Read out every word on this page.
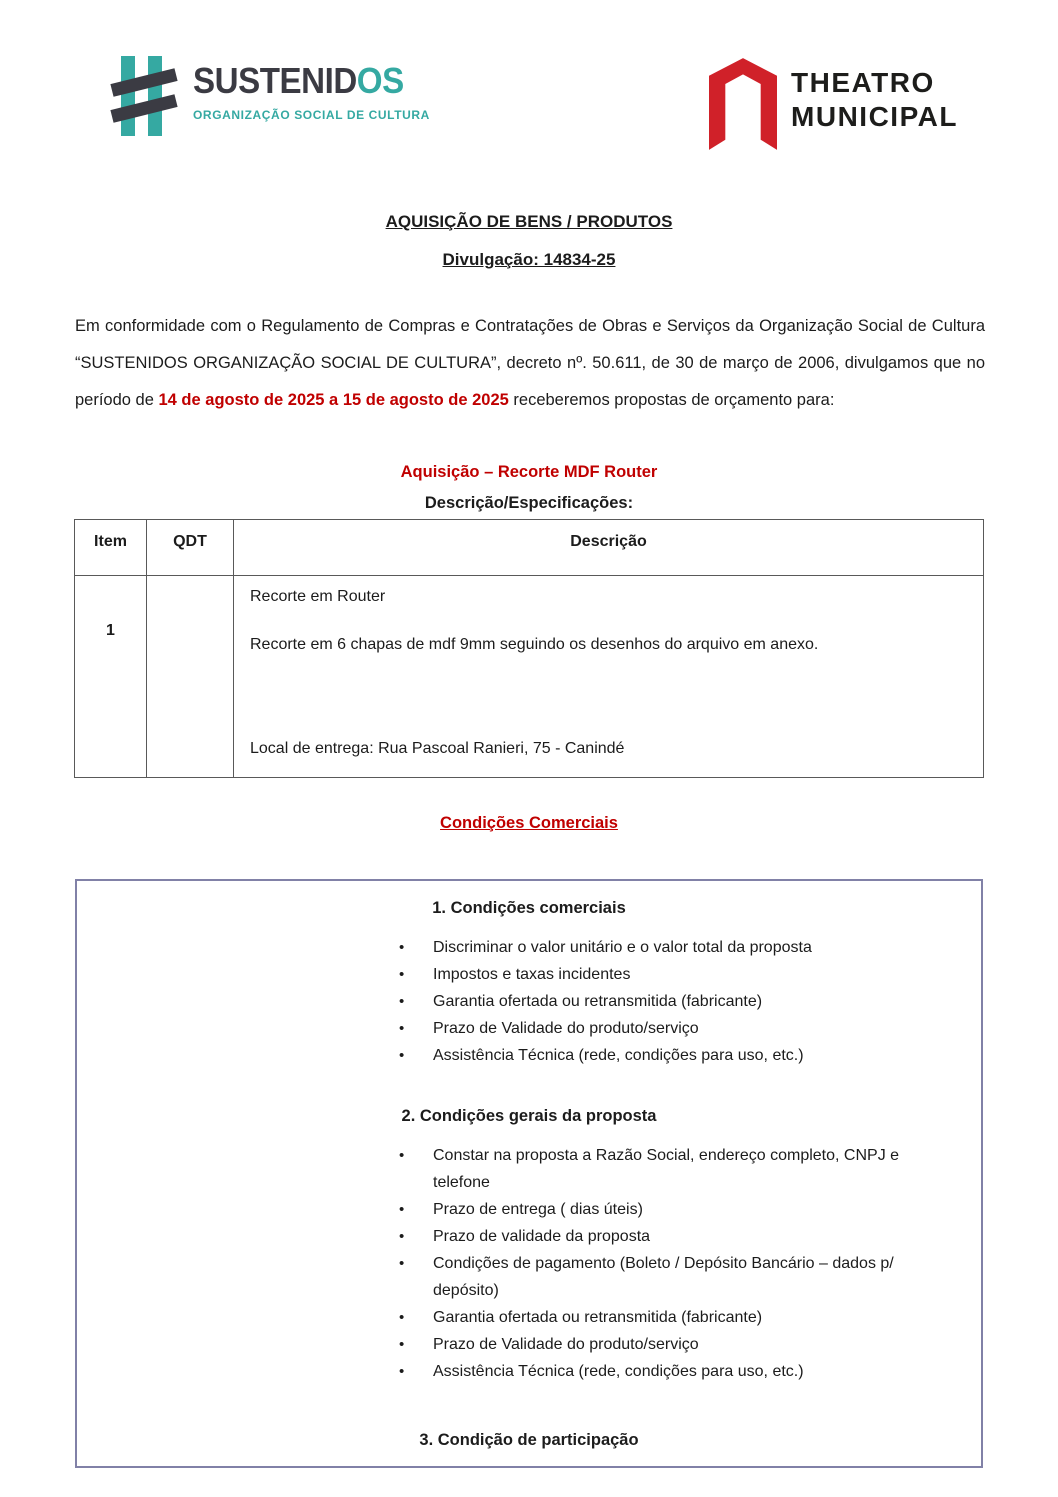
SUSTENIDOS
ORGANIZAÇÃO SOCIAL DE CULTURA
THEATRO
MUNICIPAL
AQUISIÇÃO DE BENS / PRODUTOS
Divulgação: 14834-25

Em conformidade com o Regulamento de Compras e Contratações de Obras e Serviços da Organização Social de Cultura “SUSTENIDOS ORGANIZAÇÃO SOCIAL DE CULTURA”, decreto nº. 50.611, de 30 de março de 2006, divulgamos que no período de 14 de agosto de 2025 a 15 de agosto de 2025 receberemos propostas de orçamento para:

Aquisição – Recorte MDF Router
Descrição/Especificações:
Item	QDT	Descrição
1		Recorte em Router
Recorte em 6 chapas de mdf 9mm seguindo os desenhos do arquivo em anexo.
Local de entrega: Rua Pascoal Ranieri, 75 - Canindé
Condições Comerciais
1. Condições comerciais
•	Discriminar o valor unitário e o valor total da proposta
•	Impostos e taxas incidentes
•	Garantia ofertada ou retransmitida (fabricante)
•	Prazo de Validade do produto/serviço
•	Assistência Técnica (rede, condições para uso, etc.)
2. Condições gerais da proposta
•	Constar na proposta a Razão Social, endereço completo, CNPJ e telefone
•	Prazo de entrega ( dias úteis)
•	Prazo de validade da proposta
•	Condições de pagamento (Boleto / Depósito Bancário – dados p/ depósito)
•	Garantia ofertada ou retransmitida (fabricante)
•	Prazo de Validade do produto/serviço
•	Assistência Técnica (rede, condições para uso, etc.)
3. Condição de participação
